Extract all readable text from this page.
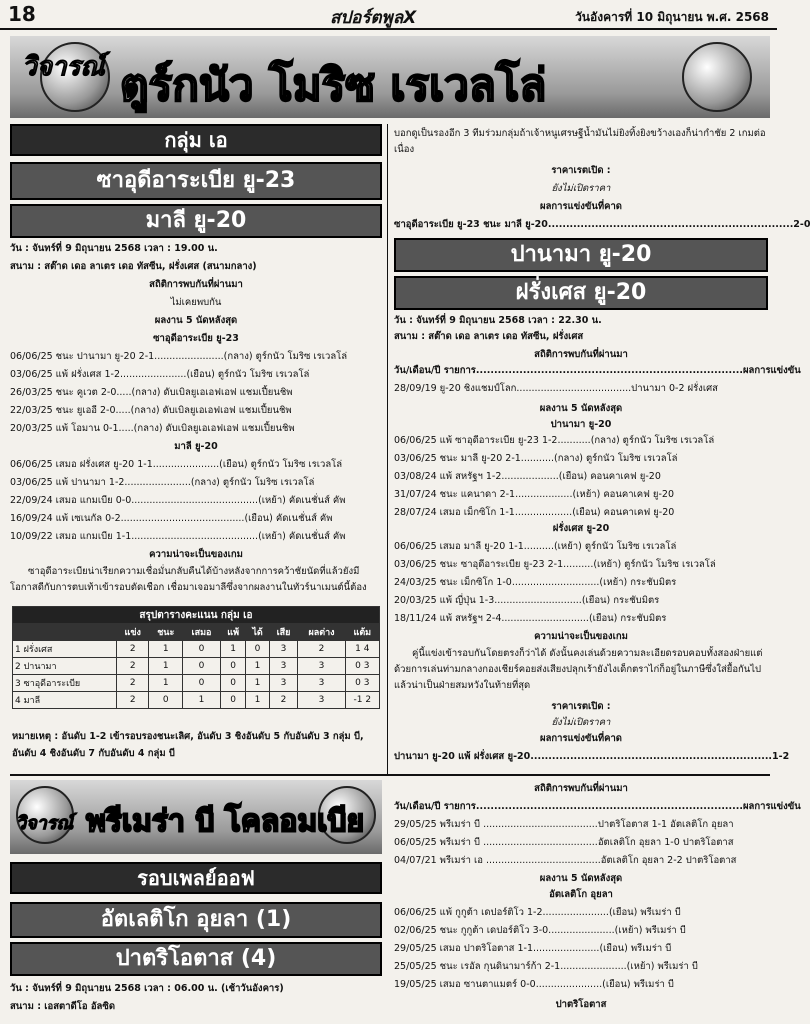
18	สปอร์ตพูลX	วันอังคารที่ 10 มิถุนายน พ.ศ. 2568
วิจารณ์ ตูร์กนัว โมริซ เรเวลโล่
กลุ่ม เอ
ซาอุดีอาระเบีย ยู-23
มาลี ยู-20
วัน : จันทร์ที่ 9 มิถุนายน 2568 เวลา : 19.00 น.
สนาม : สต๊าด เดอ ลาเตร เดอ ทัสซีน, ฝรั่งเศส (สนามกลาง)
สถิติการพบกันที่ผ่านมา
ไม่เคยพบกัน
ผลงาน 5 นัดหลังสุด
ซาอุดีอาระเบีย ยู-23
06/06/25 ชนะ ปานามา ยู-20 2-1.......................(กลาง) ตูร์กนัว โมริซ เรเวลโล่
03/06/25 แพ้ ฝรั่งเศส 1-2......................(เยือน) ตูร์กนัว โมริซ เรเวลโล่
26/03/25 ชนะ คูเวต 2-0.....(กลาง) ดับเบิลยูเอเอฟเอฟ แชมเปี้ยนชิพ
22/03/25 ชนะ ยูเออี 2-0.....(กลาง) ดับเบิลยูเอเอฟเอฟ แชมเปี้ยนชิพ
20/03/25 แพ้ โอมาน 0-1.....(กลาง) ดับเบิลยูเอเอฟเอฟ แชมเปี้ยนชิพ
มาลี ยู-20
06/06/25 เสมอ ฝรั่งเศส ยู-20 1-1......................(เยือน) ตูร์กนัว โมริซ เรเวลโล่
03/06/25 แพ้ ปานามา 1-2......................(กลาง) ตูร์กนัว โมริซ เรเวลโล่
22/09/24 เสมอ แกมเบีย 0-0..........................................(เหย้า) คัดเนชั่นส์ คัพ
16/09/24 แพ้ เซเนกัล 0-2.........................................(เยือน) คัดเนชั่นส์ คัพ
10/09/22 เสมอ แกมเบีย 1-1..........................................(เหย้า) คัดเนชั่นส์ คัพ
ความน่าจะเป็นของเกม
ซาอุดีอาระเบียน่าเรียกความเชื่อมั่นกลับคืนได้บ้างหลังจากการคว้าชัยนัดที่แล้วยังมีโอกาสดีกับการตบเท้าเข้ารอบตัดเชือก เชื่อมาเจอมาลีซึ่งจากผลงานในทัวร์นาเมนต์นี้ต้อง
สรุปตารางคะแนน กลุ่ม เอ								
	แข่ง	ชนะ	เสมอ	แพ้	ได้	เสีย	ผลต่าง	แต้ม
1 ฝรั่งเศส	2	1	0	1	0	3	2	1 4
2 ปานามา	2	1	0	0	1	3	3	0 3
3 ซาอุดีอาระเบีย	2	1	0	0	1	3	3	0 3
4 มาลี	2	0	1	0	1	2	3	-1 2
หมายเหตุ : อันดับ 1-2 เข้ารอบรองชนะเลิศ, อันดับ 3 ชิงอันดับ 5 กับอันดับ 3 กลุ่ม บี, อันดับ 4 ชิงอันดับ 7 กับอันดับ 4 กลุ่ม บี
บอกดูเป็นรองอีก 3 ทีมร่วมกลุ่มถ้าเจ้าหนูเศรษฐีน้ำมันไม่ยิงทิ้งยิงขว้างเองก็น่ากำชัย 2 เกมต่อเนื่อง
ราคาเรตเปิด :
ยังไม่เปิดราคา
ผลการแข่งขันที่คาด
ซาอุดีอาระเบีย ยู-23 ชนะ มาลี ยู-20....................................................................2-0
ปานามา ยู-20
ฝรั่งเศส ยู-20
วัน : จันทร์ที่ 9 มิถุนายน 2568 เวลา : 22.30 น.
สนาม : สต๊าด เดอ ลาเตร เดอ ทัสซีน, ฝรั่งเศส
สถิติการพบกันที่ผ่านมา
วัน/เดือน/ปี รายการ..........................................................................ผลการแข่งขัน
28/09/19 ยู-20 ชิงแชมป์โลก......................................ปานามา 0-2 ฝรั่งเศส
ผลงาน 5 นัดหลังสุด
ปานามา ยู-20
06/06/25 แพ้ ซาอุดีอาระเบีย ยู-23 1-2...........(กลาง) ตูร์กนัว โมริซ เรเวลโล่
03/06/25 ชนะ มาลี ยู-20 2-1...........(กลาง) ตูร์กนัว โมริซ เรเวลโล่
03/08/24 แพ้ สหรัฐฯ 1-2...................(เยือน) คอนคาเคฟ ยู-20
31/07/24 ชนะ แคนาดา 2-1...................(เหย้า) คอนคาเคฟ ยู-20
28/07/24 เสมอ เม็กซิโก 1-1...................(เยือน) คอนคาเคฟ ยู-20
ฝรั่งเศส ยู-20
06/06/25 เสมอ มาลี ยู-20 1-1..........(เหย้า) ตูร์กนัว โมริซ เรเวลโล่
03/06/25 ชนะ ซาอุดีอาระเบีย ยู-23 2-1..........(เหย้า) ตูร์กนัว โมริซ เรเวลโล่
24/03/25 ชนะ เม็กซิโก 1-0.............................(เหย้า) กระชับมิตร
20/03/25 แพ้ ญี่ปุ่น 1-3.............................(เยือน) กระชับมิตร
18/11/24 แพ้ สหรัฐฯ 2-4.............................(เยือน) กระชับมิตร
ความน่าจะเป็นของเกม
คู่นี้แข่งเข้ารอบกันโดยตรงก็ว่าได้ ดังนั้นคงเล่นด้วยความละเอียดรอบคอบทั้งสองฝ่ายแต่ด้วยการเล่นท่ามกลางกองเชียร์คอยส่งเสียงปลุกเร้ายังไงเด็กตราไก่ก็อยู่ในภาษีซึ่งใส่ยื้อกันไปแล้วน่าเป็นฝ่ายสมหวังในท้ายที่สุด
ราคาเรตเปิด :
ยังไม่เปิดราคา
ผลการแข่งขันที่คาด
ปานามา ยู-20 แพ้ ฝรั่งเศส ยู-20...................................................................1-2
วิจารณ์ พรีเมร่า บี โคลอมเบีย
รอบเพลย์ออฟ
อัตเลติโก อุยลา (1)
ปาตริโอตาส (4)
วัน : จันทร์ที่ 9 มิถุนายน 2568 เวลา : 06.00 น. (เช้าวันอังคาร)
สนาม : เอสตาดีโอ อัลซิด
สถิติการพบกันที่ผ่านมา
วัน/เดือน/ปี รายการ..........................................................................ผลการแข่งขัน
29/05/25 พรีเมร่า บี ......................................ปาตริโอตาส 1-1 อัตเลติโก อุยลา
06/05/25 พรีเมร่า บี ......................................อัตเลติโก อุยลา 1-0 ปาตริโอตาส
04/07/21 พรีเมร่า เอ ......................................อัตเลติโก อุยลา 2-2 ปาตริโอตาส
ผลงาน 5 นัดหลังสุด
อัตเลติโก อุยลา
06/06/25 แพ้ กูกูต้า เดปอร์ติโว 1-2......................(เยือน) พรีเมร่า บี
02/06/25 ชนะ กูกูต้า เดปอร์ติโว 3-0......................(เหย้า) พรีเมร่า บี
29/05/25 เสมอ ปาตริโอตาส 1-1......................(เยือน) พรีเมร่า บี
25/05/25 ชนะ เรอัล กุนดินามาร์ก้า 2-1......................(เหย้า) พรีเมร่า บี
19/05/25 เสมอ ซานตาแมตร์ 0-0......................(เยือน) พรีเมร่า บี
ปาตริโอตาส
